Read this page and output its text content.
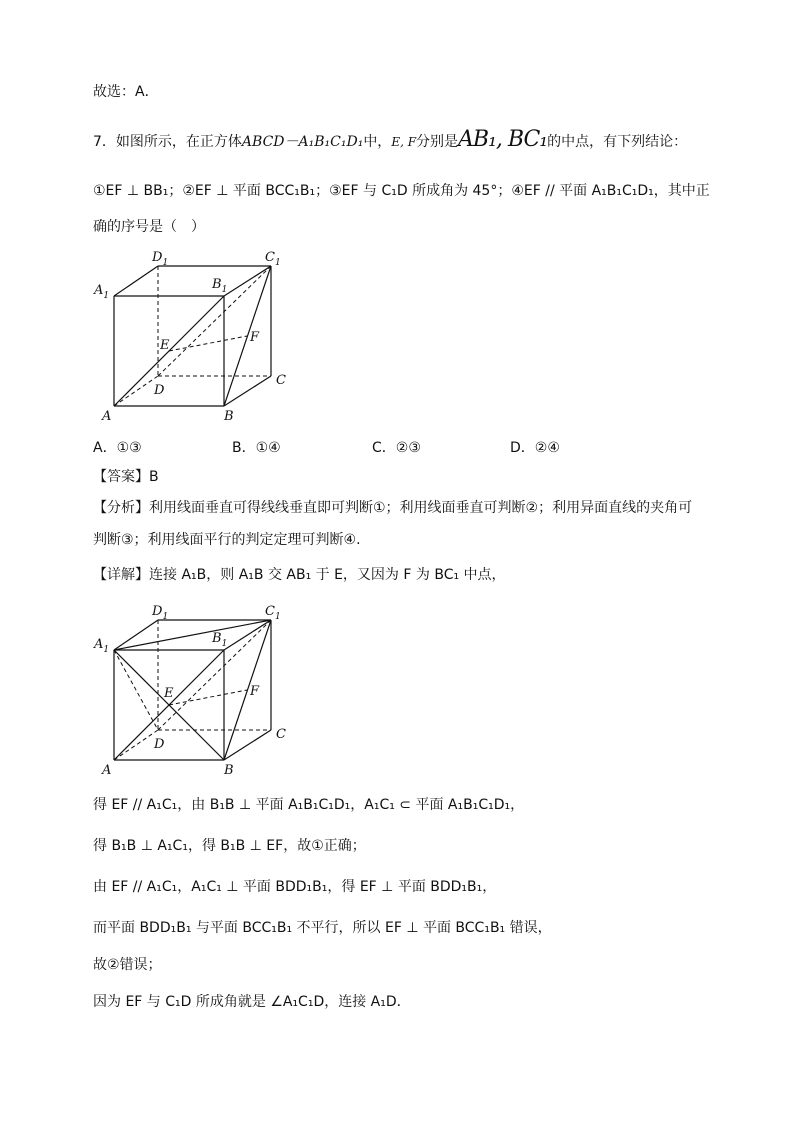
故选：A．
7．如图所示，在正方体ABCD－A₁B₁C₁D₁中，E, F分别是AB₁, BC₁的中点，有下列结论：
①EF ⊥ BB₁；②EF ⊥ 平面 BCC₁B₁；③EF 与 C₁D 所成角为 45°；④EF // 平面 A₁B₁C₁D₁，其中正
确的序号是（　）
$A_1$
$D_1$
$B_1$
$C_1$
E
F
D
C
A	B
A．①③	B．①④	C．②③	D．②④
【答案】B
【分析】利用线面垂直可得线线垂直即可判断①；利用线面垂直可判断②；利用异面直线的夹角可
判断③；利用线面平行的判定定理可判断④.
【详解】连接 A₁B，则 A₁B 交 AB₁ 于 E，又因为 F 为 BC₁ 中点，
$A_1$
$D_1$
$B_1$
$C_1$
E	F
D
C
A	B
得 EF // A₁C₁，由 B₁B ⊥ 平面 A₁B₁C₁D₁，A₁C₁ ⊂ 平面 A₁B₁C₁D₁，
得 B₁B ⊥ A₁C₁，得 B₁B ⊥ EF，故①正确；
由 EF // A₁C₁，A₁C₁ ⊥ 平面 BDD₁B₁，得 EF ⊥ 平面 BDD₁B₁，
而平面 BDD₁B₁ 与平面 BCC₁B₁ 不平行，所以 EF ⊥ 平面 BCC₁B₁ 错误，
故②错误；
因为 EF 与 C₁D 所成角就是 ∠A₁C₁D，连接 A₁D．
